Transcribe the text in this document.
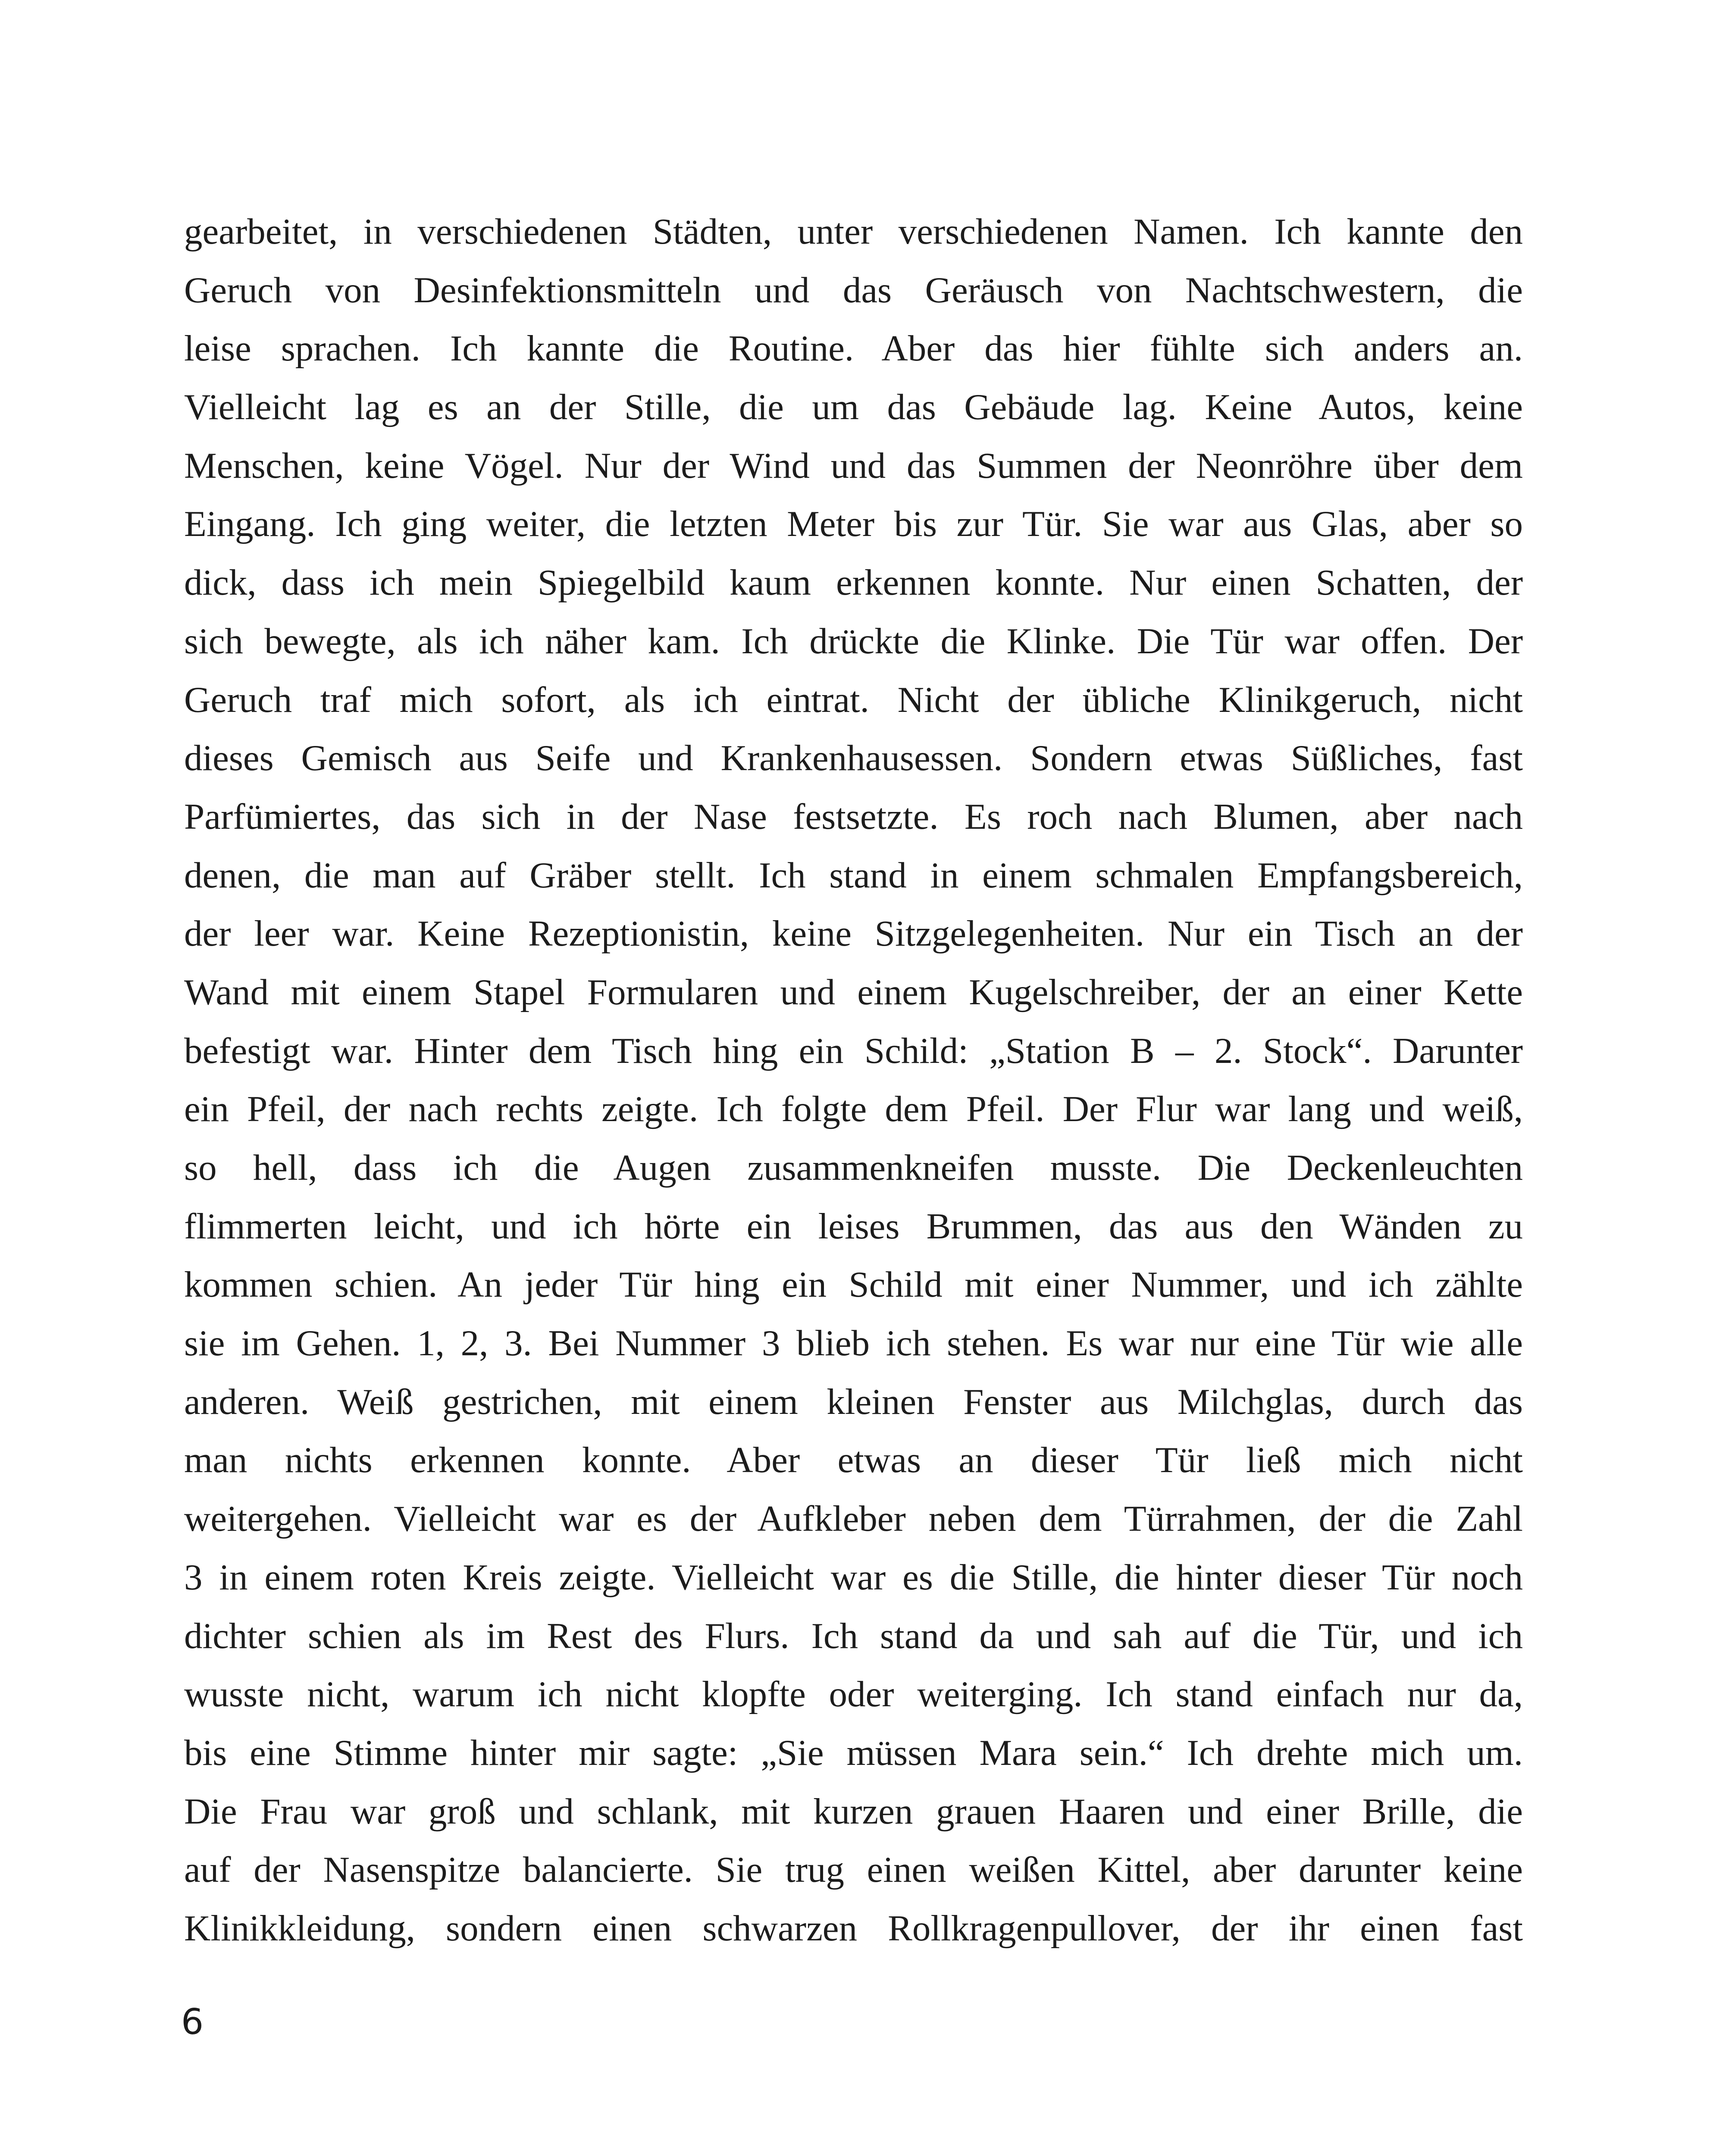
gearbeitet, in verschiedenen Städten, unter verschiedenen Namen. Ich kannte den
Geruch von Desinfektionsmitteln und das Geräusch von Nachtschwestern, die
leise sprachen. Ich kannte die Routine. Aber das hier fühlte sich anders an.
Vielleicht lag es an der Stille, die um das Gebäude lag. Keine Autos, keine
Menschen, keine Vögel. Nur der Wind und das Summen der Neonröhre über dem
Eingang. Ich ging weiter, die letzten Meter bis zur Tür. Sie war aus Glas, aber so
dick, dass ich mein Spiegelbild kaum erkennen konnte. Nur einen Schatten, der
sich bewegte, als ich näher kam. Ich drückte die Klinke. Die Tür war offen. Der
Geruch traf mich sofort, als ich eintrat. Nicht der übliche Klinikgeruch, nicht
dieses Gemisch aus Seife und Krankenhausessen. Sondern etwas Süßliches, fast
Parfümiertes, das sich in der Nase festsetzte. Es roch nach Blumen, aber nach
denen, die man auf Gräber stellt. Ich stand in einem schmalen Empfangsbereich,
der leer war. Keine Rezeptionistin, keine Sitzgelegenheiten. Nur ein Tisch an der
Wand mit einem Stapel Formularen und einem Kugelschreiber, der an einer Kette
befestigt war. Hinter dem Tisch hing ein Schild: „Station B – 2. Stock“. Darunter
ein Pfeil, der nach rechts zeigte. Ich folgte dem Pfeil. Der Flur war lang und weiß,
so hell, dass ich die Augen zusammenkneifen musste. Die Deckenleuchten
flimmerten leicht, und ich hörte ein leises Brummen, das aus den Wänden zu
kommen schien. An jeder Tür hing ein Schild mit einer Nummer, und ich zählte
sie im Gehen. 1, 2, 3. Bei Nummer 3 blieb ich stehen. Es war nur eine Tür wie alle
anderen. Weiß gestrichen, mit einem kleinen Fenster aus Milchglas, durch das
man nichts erkennen konnte. Aber etwas an dieser Tür ließ mich nicht
weitergehen. Vielleicht war es der Aufkleber neben dem Türrahmen, der die Zahl
3 in einem roten Kreis zeigte. Vielleicht war es die Stille, die hinter dieser Tür noch
dichter schien als im Rest des Flurs. Ich stand da und sah auf die Tür, und ich
wusste nicht, warum ich nicht klopfte oder weiterging. Ich stand einfach nur da,
bis eine Stimme hinter mir sagte: „Sie müssen Mara sein.“ Ich drehte mich um.
Die Frau war groß und schlank, mit kurzen grauen Haaren und einer Brille, die
auf der Nasenspitze balancierte. Sie trug einen weißen Kittel, aber darunter keine
Klinikkleidung, sondern einen schwarzen Rollkragenpullover, der ihr einen fast
6
